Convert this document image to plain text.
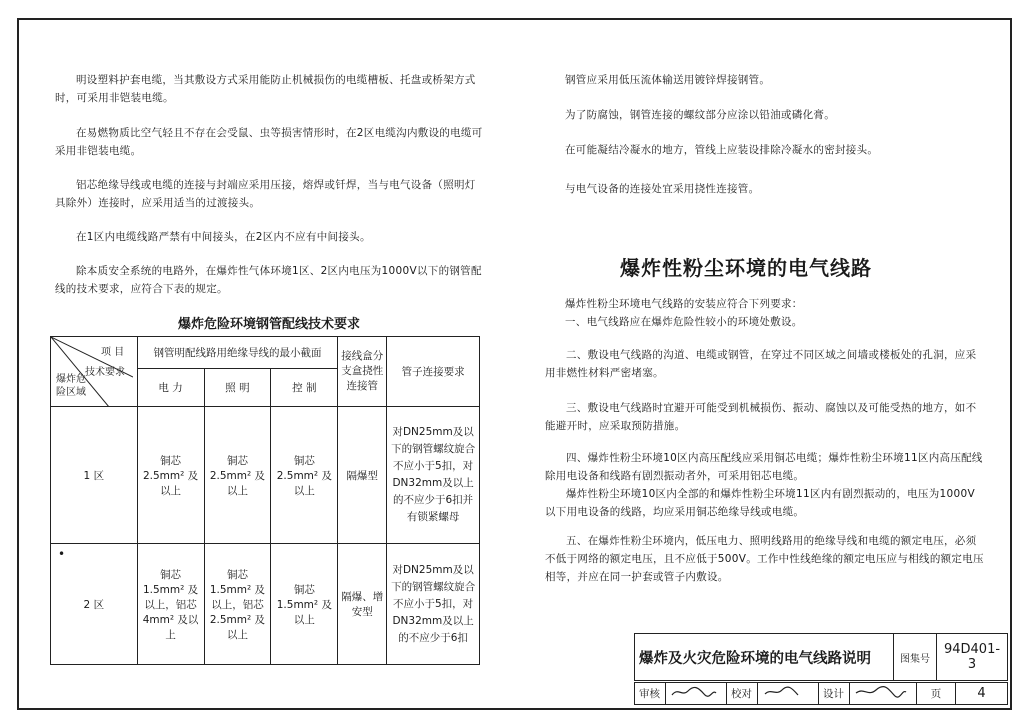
明设塑料护套电缆，当其敷设方式采用能防止机械损伤的电缆槽板、托盘或桥架方式时，可采用非铠装电缆。

在易燃物质比空气轻且不存在会受鼠、虫等损害情形时，在2区电缆沟内敷设的电缆可采用非铠装电缆。

铝芯绝缘导线或电缆的连接与封端应采用压接，熔焊或钎焊，当与电气设备（照明灯具除外）连接时，应采用适当的过渡接头。

在1区内电缆线路严禁有中间接头，在2区内不应有中间接头。

除本质安全系统的电路外，在爆炸性气体环境1区、2区内电压为1000V以下的钢管配线的技术要求，应符合下表的规定。

爆炸危险环境钢管配线技术要求
项 目
技术要求
爆炸危险区域	钢管明配线路用绝缘导线的最小截面			接线盒分支盒挠性连接管	管子连接要求
	电 力	照 明	控 制		
1 区	铜芯 2.5mm² 及以上	铜芯 2.5mm² 及以上	铜芯 2.5mm² 及以上	隔爆型	对DN25mm及以下的钢管螺纹旋合不应小于5扣，对DN32mm及以上的不应少于6扣并有锁紧螺母
2 区	铜芯 1.5mm² 及以上，铝芯 4mm² 及以上	铜芯 1.5mm² 及以上，铝芯 2.5mm² 及以上	铜芯 1.5mm² 及以上	隔爆、增安型	对DN25mm及以下的钢管螺纹旋合不应小于5扣，对DN32mm及以上的不应少于6扣
•

钢管应采用低压流体输送用镀锌焊接钢管。

为了防腐蚀，钢管连接的螺纹部分应涂以铅油或磷化膏。

在可能凝结冷凝水的地方，管线上应装设排除冷凝水的密封接头。

与电气设备的连接处宜采用挠性连接管。

爆炸性粉尘环境的电气线路

爆炸性粉尘环境电气线路的安装应符合下列要求：

一、电气线路应在爆炸危险性较小的环境处敷设。

二、敷设电气线路的沟道、电缆或钢管，在穿过不同区域之间墙或楼板处的孔洞，应采用非燃性材料严密堵塞。

三、敷设电气线路时宜避开可能受到机械损伤、振动、腐蚀以及可能受热的地方，如不能避开时，应采取预防措施。

四、爆炸性粉尘环境10区内高压配线应采用铜芯电缆；爆炸性粉尘环境11区内高压配线除用电设备和线路有剧烈振动者外，可采用铝芯电缆。

爆炸性粉尘环境10区内全部的和爆炸性粉尘环境11区内有剧烈振动的，电压为1000V以下用电设备的线路，均应采用铜芯绝缘导线或电缆。

五、在爆炸性粉尘环境内，低压电力、照明线路用的绝缘导线和电缆的额定电压，必须不低于网络的额定电压，且不应低于500V。工作中性线绝缘的额定电压应与相线的额定电压相等，并应在同一护套或管子内敷设。

爆炸及火灾危险环境的电气线路说明	图集号	94D401-3
审核		校对		设计		页	4
